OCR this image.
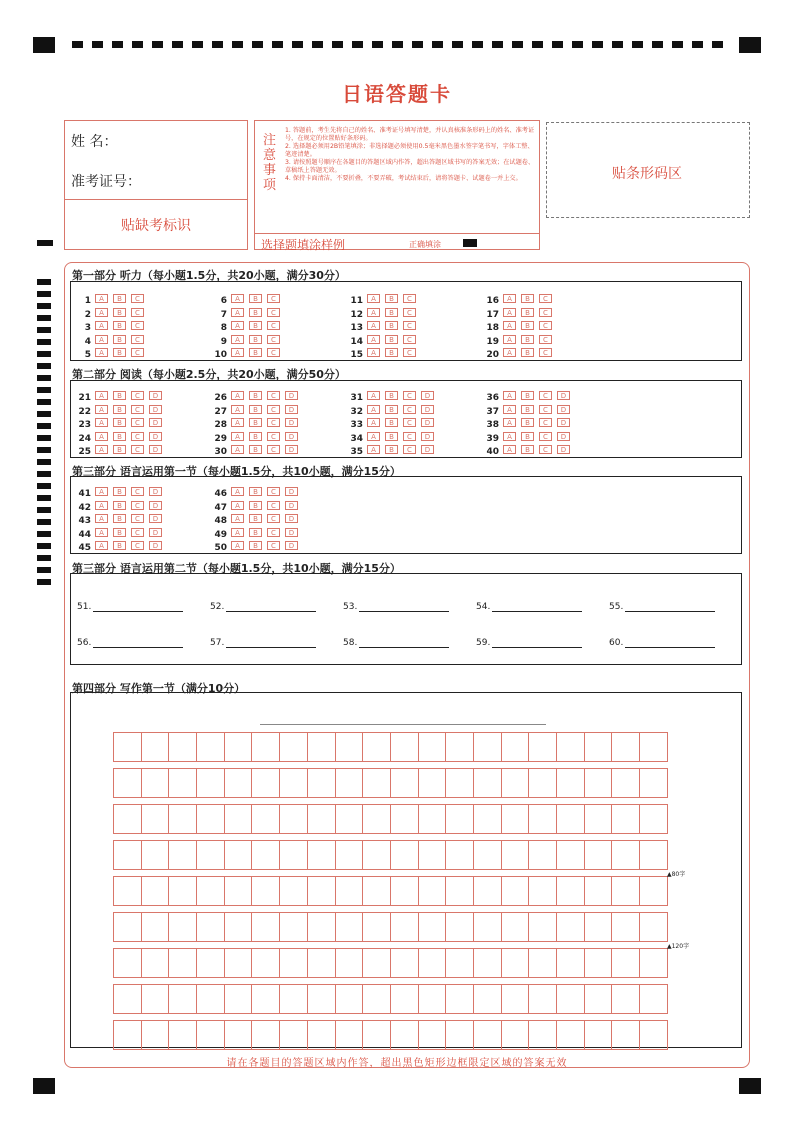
日语答题卡
姓 名：
准考证号：
贴缺考标识
注
意
事
项
1. 答题前，考生先将自己的姓名、准考证号填写清楚，并认真核准条形码上的姓名、准考证号，在规定的位置贴好条形码。
2. 选择题必须用2B铅笔填涂；非选择题必须使用0.5毫米黑色墨水签字笔书写，字体工整、笔迹清楚。
3. 请按照题号顺序在各题目的答题区域内作答，超出答题区域书写的答案无效；在试题卷、草稿纸上答题无效。
4. 保持卡面清洁，不要折叠，不要弄破，考试结束后，请将答题卡、试题卷一并上交。
选择题填涂样例	正确填涂
贴条形码区
第一部分 听力（每小题1.5分，共20小题，满分30分）
1 A B C
2 A B C
3 A B C
4 A B C
5 A B C
6 A B C
7 A B C
8 A B C
9 A B C
10 A B C
11 A B C
12 A B C
13 A B C
14 A B C
15 A B C
16 A B C
17 A B C
18 A B C
19 A B C
20 A B C
第二部分 阅读（每小题2.5分，共20小题，满分50分）
21 A B C D
22 A B C D
23 A B C D
24 A B C D
25 A B C D
26 A B C D
27 A B C D
28 A B C D
29 A B C D
30 A B C D
31 A B C D
32 A B C D
33 A B C D
34 A B C D
35 A B C D
36 A B C D
37 A B C D
38 A B C D
39 A B C D
40 A B C D
第三部分 语言运用第一节（每小题1.5分，共10小题，满分15分）
41 A B C D
42 A B C D
43 A B C D
44 A B C D
45 A B C D
46 A B C D
47 A B C D
48 A B C D
49 A B C D
50 A B C D
第三部分 语言运用第二节（每小题1.5分，共10小题，满分15分）
51.	52.	53.	54.	55.
56.	57.	58.	59.	60.
第四部分 写作第一节（满分10分）
▲80字
▲120字
请在各题目的答题区域内作答，超出黑色矩形边框限定区域的答案无效
